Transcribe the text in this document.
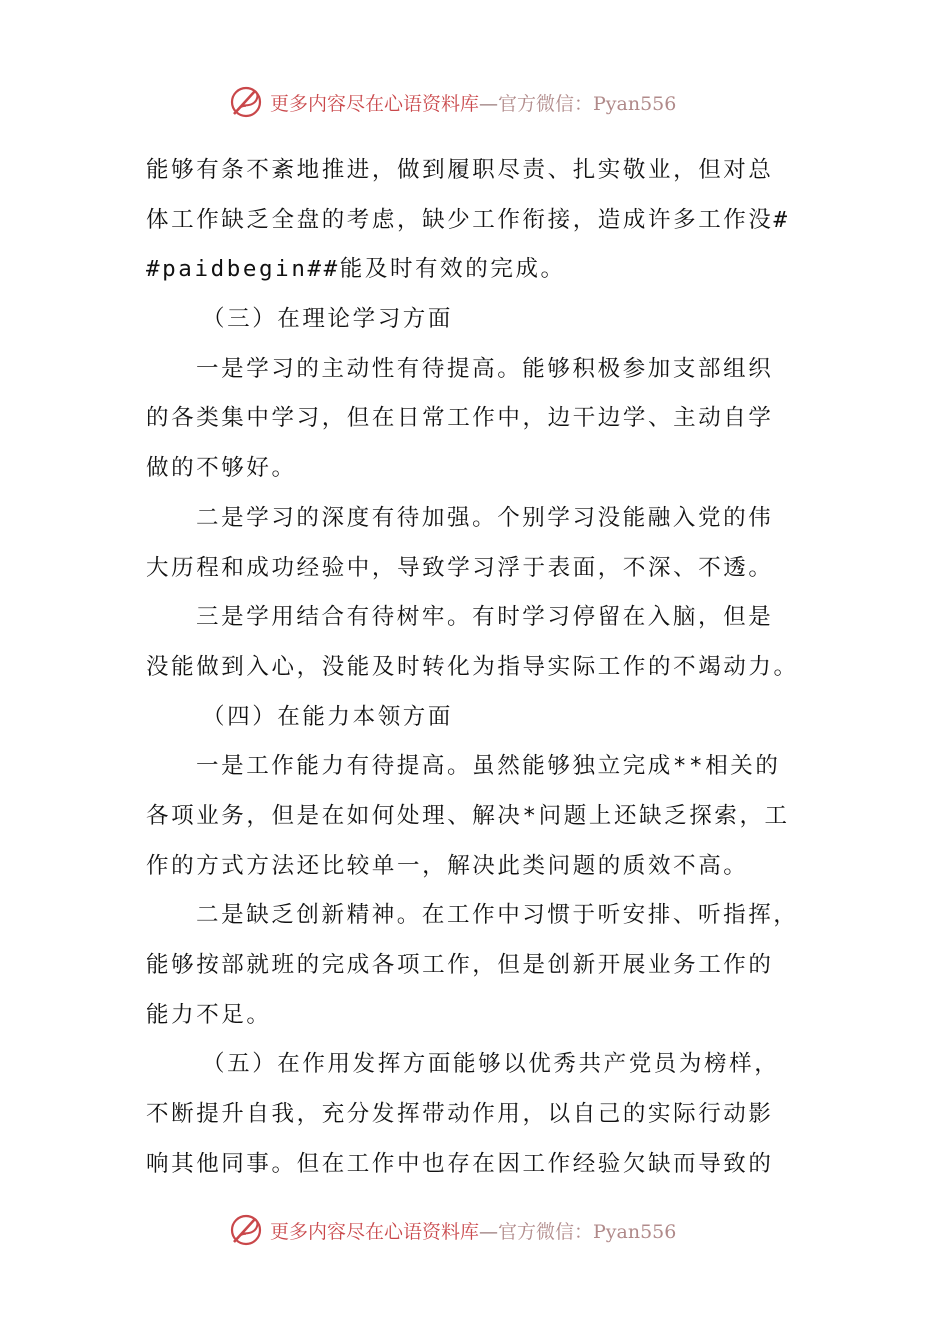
更多内容尽在心语资料库—官方微信：Pyan556
能够有条不紊地推进，做到履职尽责、扎实敬业，但对总
体工作缺乏全盘的考虑，缺少工作衔接，造成许多工作没#
#paidbegin##能及时有效的完成。
（三）在理论学习方面
一是学习的主动性有待提高。能够积极参加支部组织
的各类集中学习，但在日常工作中，边干边学、主动自学
做的不够好。
二是学习的深度有待加强。个别学习没能融入党的伟
大历程和成功经验中，导致学习浮于表面，不深、不透。
三是学用结合有待树牢。有时学习停留在入脑，但是
没能做到入心，没能及时转化为指导实际工作的不竭动力。
（四）在能力本领方面
一是工作能力有待提高。虽然能够独立完成**相关的
各项业务，但是在如何处理、解决*问题上还缺乏探索，工
作的方式方法还比较单一，解决此类问题的质效不高。
二是缺乏创新精神。在工作中习惯于听安排、听指挥，
能够按部就班的完成各项工作，但是创新开展业务工作的
能力不足。
（五）在作用发挥方面能够以优秀共产党员为榜样，
不断提升自我，充分发挥带动作用，以自己的实际行动影
响其他同事。但在工作中也存在因工作经验欠缺而导致的
更多内容尽在心语资料库—官方微信：Pyan556
